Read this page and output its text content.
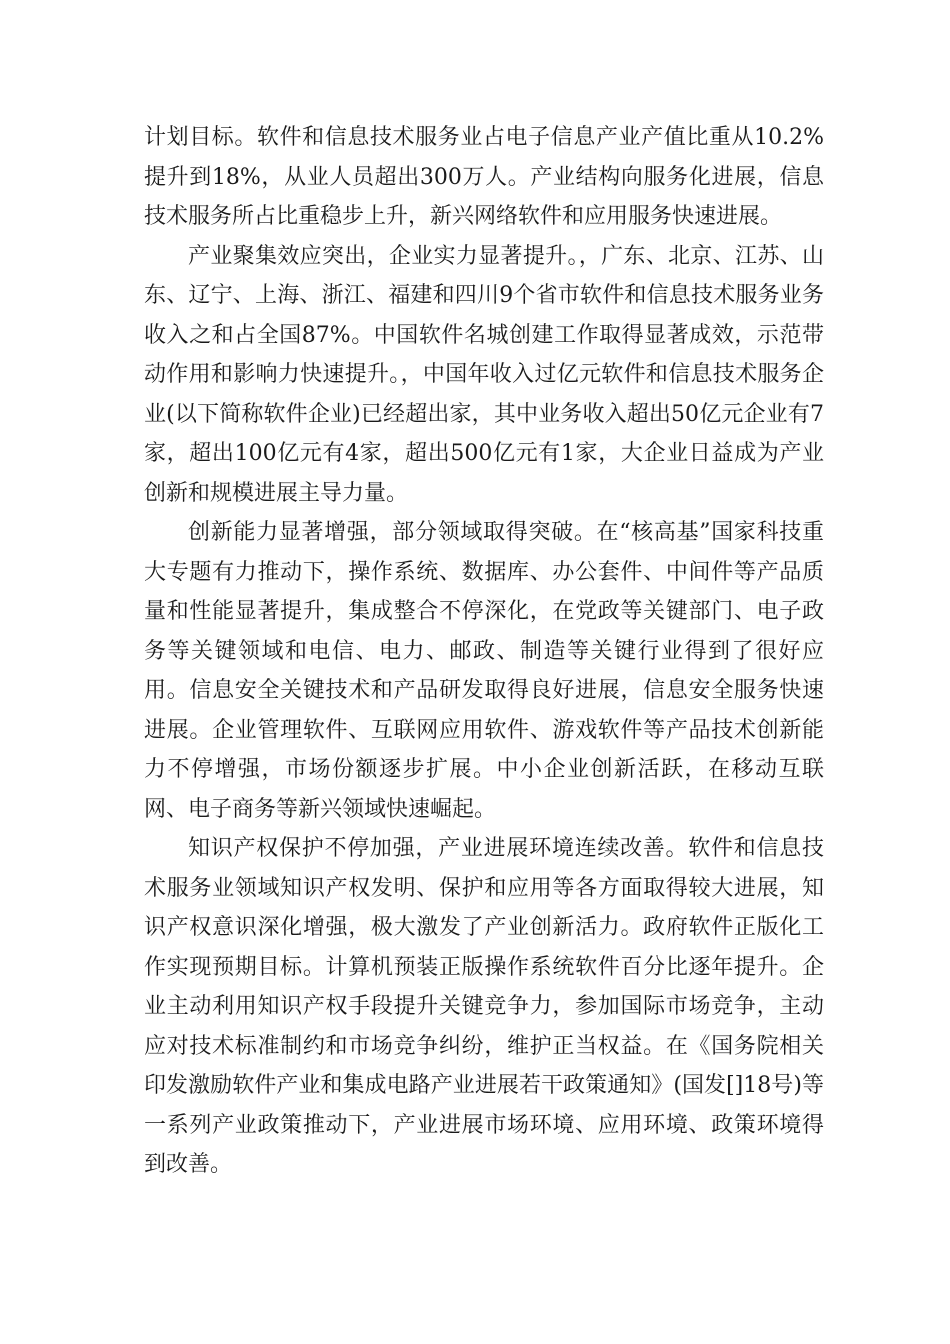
计划目标。软件和信息技术服务业占电子信息产业产值比重从10.2%提升到18%，从业人员超出300万人。产业结构向服务化进展，信息技术服务所占比重稳步上升，新兴网络软件和应用服务快速进展。

产业聚集效应突出，企业实力显著提升。，广东、北京、江苏、山东、辽宁、上海、浙江、福建和四川9个省市软件和信息技术服务业务收入之和占全国87%。中国软件名城创建工作取得显著成效，示范带动作用和影响力快速提升。，中国年收入过亿元软件和信息技术服务企业(以下简称软件企业)已经超出家，其中业务收入超出50亿元企业有7家，超出100亿元有4家，超出500亿元有1家，大企业日益成为产业创新和规模进展主导力量。

创新能力显著增强，部分领域取得突破。在“核高基”国家科技重大专题有力推动下，操作系统、数据库、办公套件、中间件等产品质量和性能显著提升，集成整合不停深化，在党政等关键部门、电子政务等关键领域和电信、电力、邮政、制造等关键行业得到了很好应用。信息安全关键技术和产品研发取得良好进展，信息安全服务快速进展。企业管理软件、互联网应用软件、游戏软件等产品技术创新能力不停增强，市场份额逐步扩展。中小企业创新活跃，在移动互联网、电子商务等新兴领域快速崛起。

知识产权保护不停加强，产业进展环境连续改善。软件和信息技术服务业领域知识产权发明、保护和应用等各方面取得较大进展，知识产权意识深化增强，极大激发了产业创新活力。政府软件正版化工作实现预期目标。计算机预装正版操作系统软件百分比逐年提升。企业主动利用知识产权手段提升关键竞争力，参加国际市场竞争，主动应对技术标准制约和市场竞争纠纷，维护正当权益。在《国务院相关印发激励软件产业和集成电路产业进展若干政策通知》(国发[]18号)等一系列产业政策推动下，产业进展市场环境、应用环境、政策环境得到改善。
